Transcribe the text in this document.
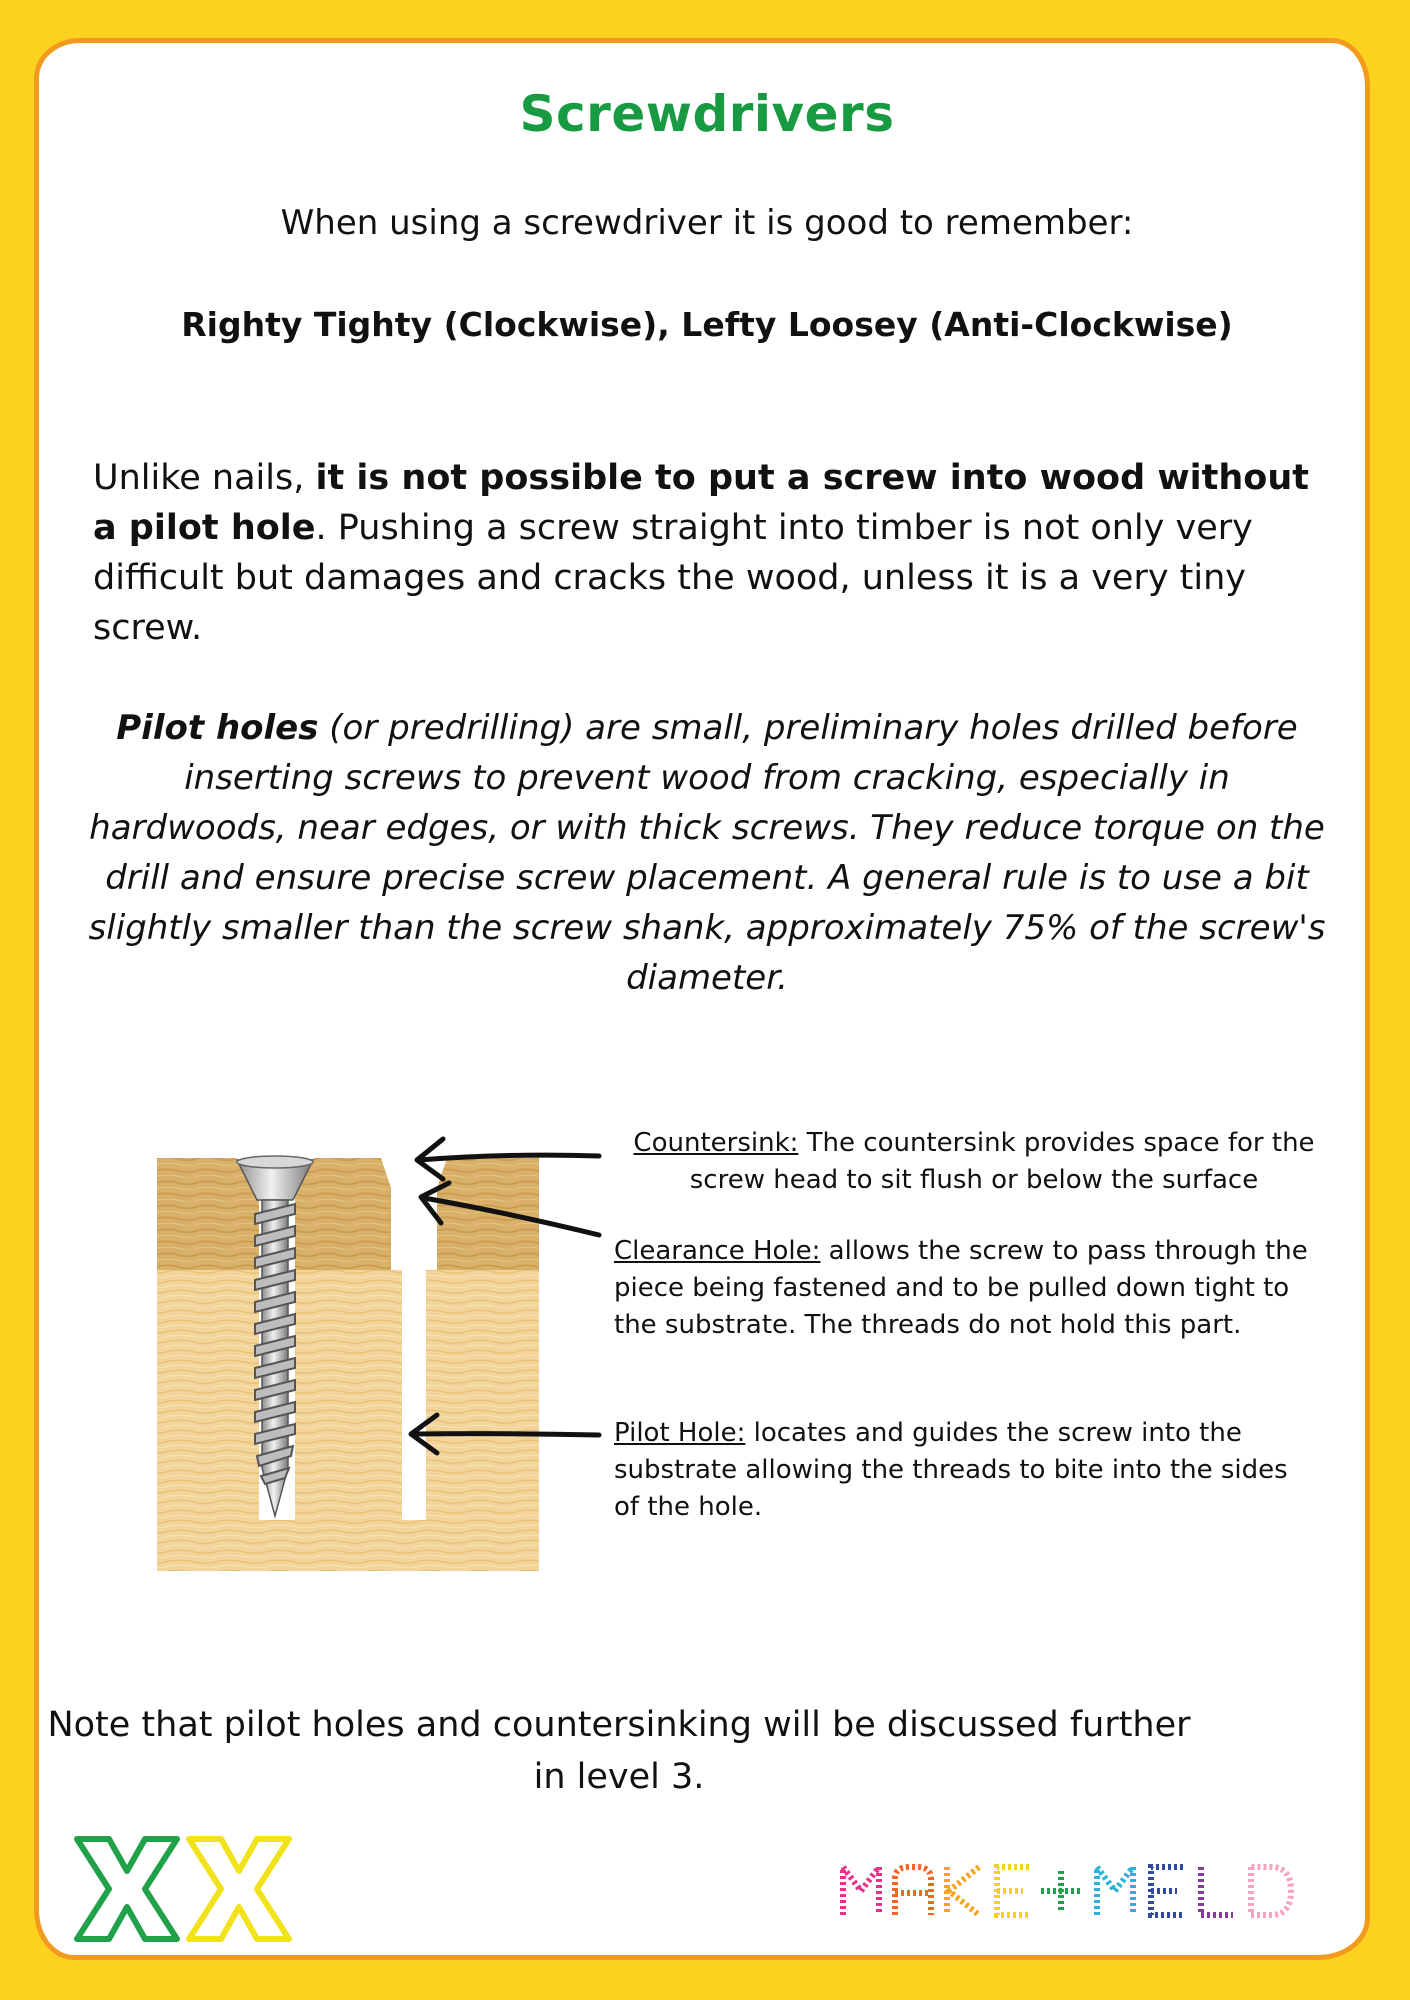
Screwdrivers
When using a screwdriver it is good to remember:
Righty Tighty (Clockwise), Lefty Loosey (Anti-Clockwise)
Unlike nails, it is not possible to put a screw into wood without a pilot hole. Pushing a screw straight into timber is not only very difficult but damages and cracks the wood, unless it is a very tiny screw.
Pilot holes (or predrilling) are small, preliminary holes drilled before inserting screws to prevent wood from cracking, especially in hardwoods, near edges, or with thick screws. They reduce torque on the drill and ensure precise screw placement. A general rule is to use a bit slightly smaller than the screw shank, approximately 75% of the screw's diameter.
Countersink: The countersink provides space for the screw head to sit flush or below the surface
Clearance Hole: allows the screw to pass through the piece being fastened and to be pulled down tight to the substrate. The threads do not hold this part.
Pilot Hole: locates and guides the screw into the substrate allowing the threads to bite into the sides of the hole.
Note that pilot holes and countersinking will be discussed further in level 3.
MAKE+MELD
